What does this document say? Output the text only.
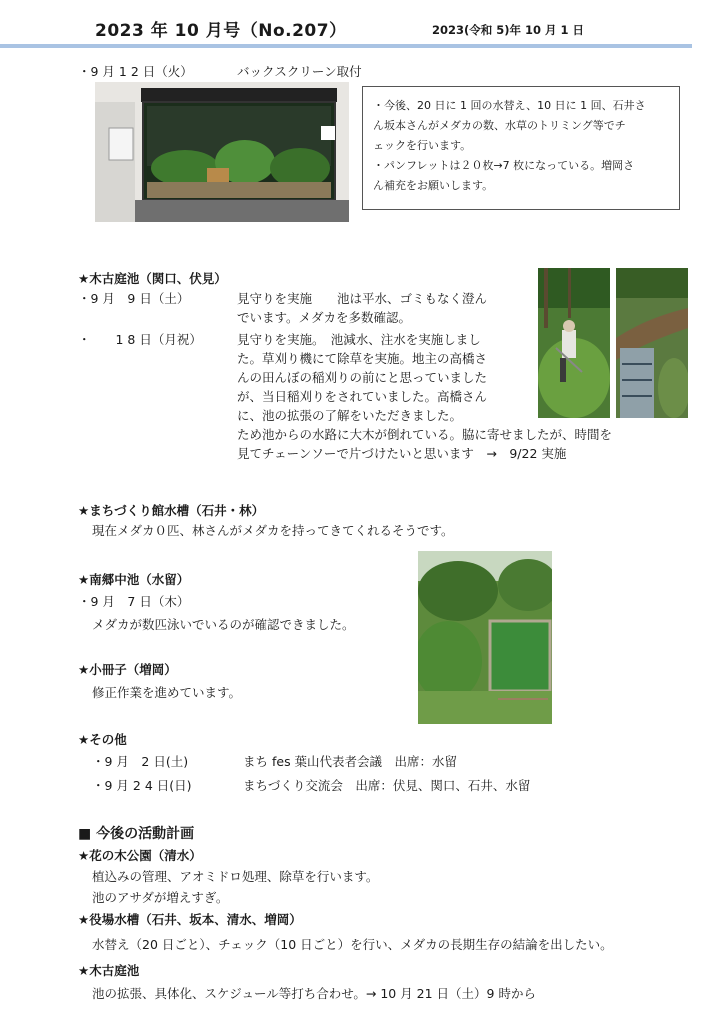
2023 年 10 月号（No.207）	2023(令和 5)年 10 月 1 日
・9 月 1 2 日（火）	バックスクリーン取付

・今後、20 日に 1 回の水替え、10 日に 1 回、石井さ

ん坂本さんがメダカの数、水草のトリミング等でチ

ェックを行います。

・パンフレットは２０枚→7 枚になっている。増岡さ

ん補充をお願いします。

★木古庭池（関口、伏見）
・9 月　9 日（土）	見守りを実施　　池は平水、ゴミもなく澄ん
でいます。メダカを多数確認。
・　　1 8 日（月祝）	見守りを実施。　池減水、注水を実施しまし
た。草刈り機にて除草を実施。地主の高橋さ
んの田んぼの稲刈りの前にと思っていました
が、当日稲刈りをされていました。高橋さん
に、池の拡張の了解をいただきました。
ため池からの水路に大木が倒れている。脇に寄せましたが、時間を
見てチェーンソーで片づけたいと思います　→　9/22 実施
★まちづくり館水槽（石井・林）
現在メダカ０匹、林さんがメダカを持ってきてくれるそうです。
★南郷中池（水留）
・9 月　7 日（木）
メダカが数匹泳いでいるのが確認できました。
★小冊子（増岡）
修正作業を進めています。
★その他
・9 月　2 日(土)	まち fes 葉山代表者会議　出席：水留
・9 月 2 4 日(日)	まちづくり交流会　出席：伏見、関口、石井、水留
■ 今後の活動計画
★花の木公園（清水）
植込みの管理、アオミドロ処理、除草を行います。
池のアサダが増えすぎ。
★役場水槽（石井、坂本、清水、増岡）
水替え（20 日ごと）、チェック（10 日ごと）を行い、メダカの長期生存の結論を出したい。
★木古庭池
池の拡張、具体化、スケジュール等打ち合わせ。→ 10 月 21 日（土）9 時から
